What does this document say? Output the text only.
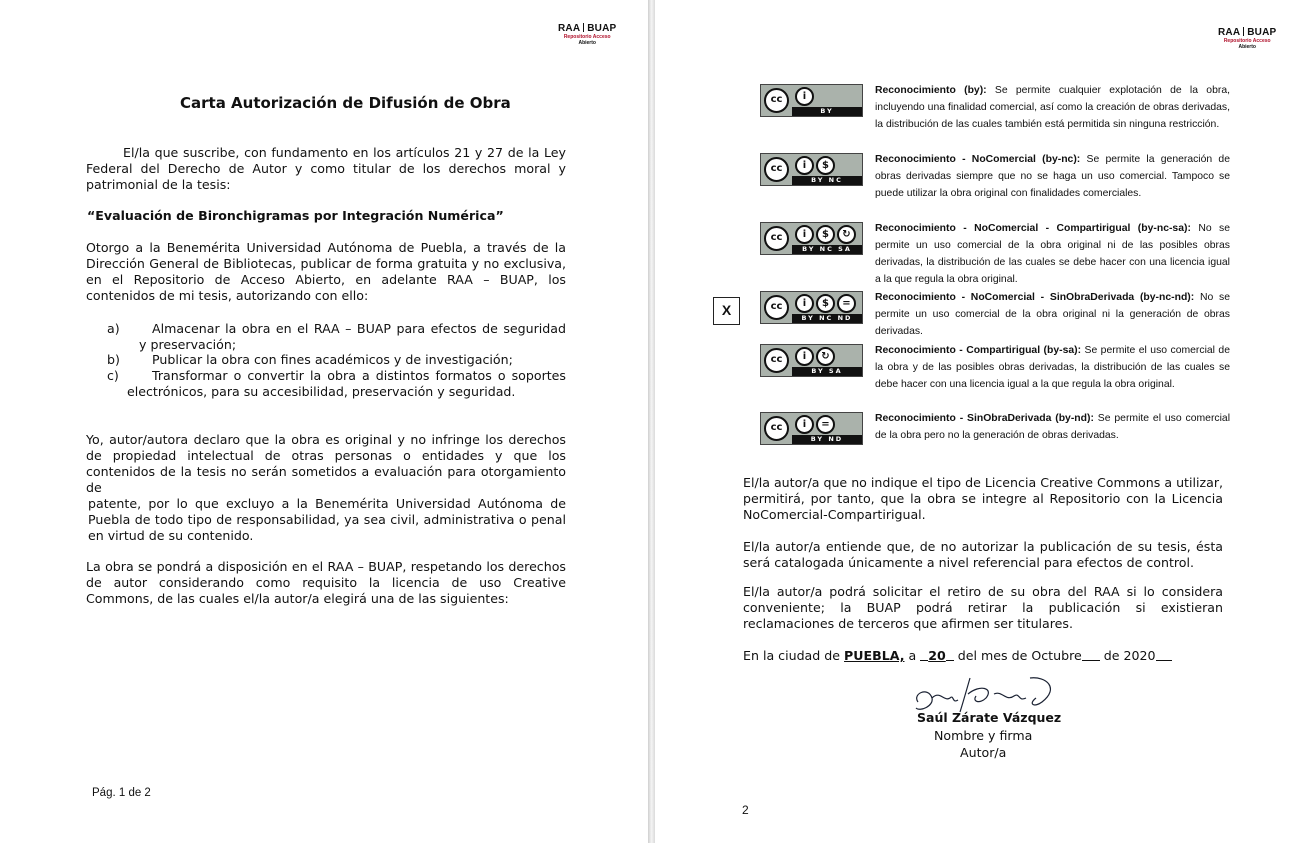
RAA BUAP
Repositorio Acceso
Abierto
Carta Autorización de Difusión de Obra
El/la que suscribe, con fundamento en los artículos 21 y 27 de la Ley Federal del Derecho de Autor y como titular de los derechos moral y patrimonial de la tesis:
“Evaluación de Bironchigramas por Integración Numérica”
Otorgo a la Benemérita Universidad Autónoma de Puebla, a través de la Dirección General de Bibliotecas, publicar de forma gratuita y no exclusiva, en el Repositorio de Acceso Abierto, en adelante RAA – BUAP, los contenidos de mi tesis, autorizando con ello:
a)	Almacenar la obra en el RAA – BUAP para efectos de seguridad
y preservación;
b)	Publicar la obra con fines académicos y de investigación;
c)	Transformar o convertir la obra a distintos formatos o soportes
electrónicos, para su accesibilidad, preservación y seguridad.
Yo, autor/autora declaro que la obra es original y no infringe los derechos de propiedad intelectual de otras personas o entidades y que los contenidos de la tesis no serán sometidos a evaluación para otorgamiento de
patente, por lo que excluyo a la Benemérita Universidad Autónoma de Puebla de todo tipo de responsabilidad, ya sea civil, administrativa o penal en virtud de su contenido.
La obra se pondrá a disposición en el RAA – BUAP, respetando los derechos de autor considerando como requisito la licencia de uso Creative Commons, de las cuales el/la autor/a elegirá una de las siguientes:
Pág. 1 de 2
RAA BUAP
Repositorio Acceso
Abierto
X
cc	i
BY
Reconocimiento (by): Se permite cualquier explotación de la obra, incluyendo una finalidad comercial, así como la creación de obras derivadas, la distribución de las cuales también está permitida sin ninguna restricción.
cc	i	$
BY NC
Reconocimiento - NoComercial (by-nc): Se permite la generación de obras derivadas siempre que no se haga un uso comercial. Tampoco se puede utilizar la obra original con finalidades comerciales.
cc	i	$	↻
BY NC SA
Reconocimiento - NoComercial - Compartirigual (by-nc-sa): No se permite un uso comercial de la obra original ni de las posibles obras derivadas, la distribución de las cuales se debe hacer con una licencia igual a la que regula la obra original.
cc	i	$	=
BY NC ND
Reconocimiento - NoComercial - SinObraDerivada (by-nc-nd): No se permite un uso comercial de la obra original ni la generación de obras derivadas.
cc	i	↻
BY SA
Reconocimiento - Compartirigual (by-sa): Se permite el uso comercial de la obra y de las posibles obras derivadas, la distribución de las cuales se debe hacer con una licencia igual a la que regula la obra original.
cc	i	=
BY ND
Reconocimiento - SinObraDerivada (by-nd): Se permite el uso comercial de la obra pero no la generación de obras derivadas.
El/la autor/a que no indique el tipo de Licencia Creative Commons a utilizar, permitirá, por tanto, que la obra se integre al Repositorio con la Licencia NoComercial-Compartirigual.
El/la autor/a entiende que, de no autorizar la publicación de su tesis, ésta será catalogada únicamente a nivel referencial para efectos de control.
El/la autor/a podrá solicitar el retiro de su obra del RAA si lo considera conveniente; la BUAP podrá retirar la publicación si existieran reclamaciones de terceros que afirmen ser titulares.
En la ciudad de PUEBLA, a 20 del mes de Octubre de 2020
Saúl Zárate Vázquez
Nombre y firma
Autor/a
2
